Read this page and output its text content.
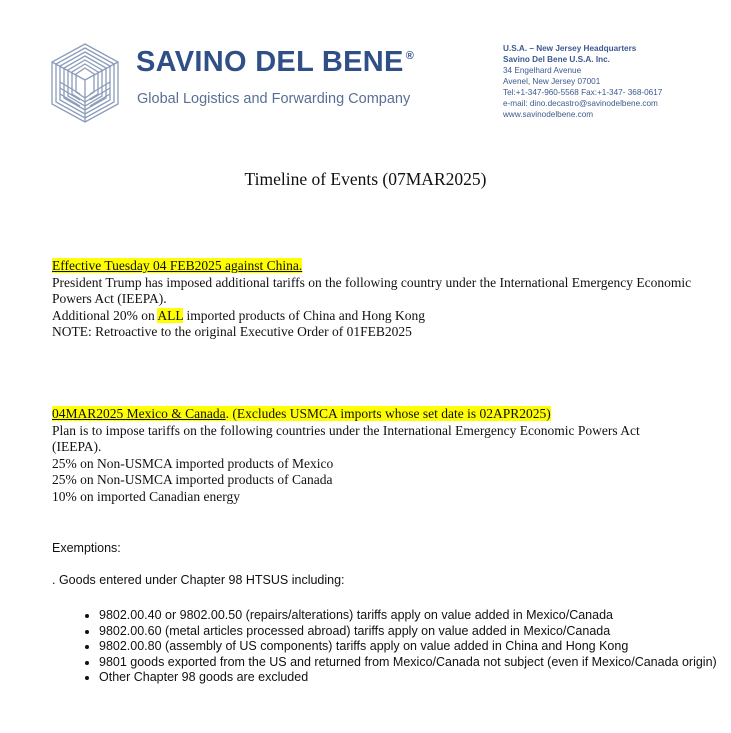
SAVINO DEL BENE ®
Global Logistics and Forwarding Company
U.S.A. – New Jersey Headquarters
Savino Del Bene U.S.A. Inc.
34 Engelhard Avenue
Avenel, New Jersey 07001
Tel:+1-347-960-5568 Fax:+1-347- 368-0617
e-mail: dino.decastro@savinodelbene.com
www.savinodelbene.com
Timeline of Events (07MAR2025)
Effective Tuesday 04 FEB2025 against China.
President Trump has imposed additional tariffs on the following country under the International Emergency Economic Powers Act (IEEPA).
Additional 20% on ALL imported products of China and Hong Kong
NOTE: Retroactive to the original Executive Order of 01FEB2025
04MAR2025 Mexico & Canada. (Excludes USMCA imports whose set date is 02APR2025)
Plan is to impose tariffs on the following countries under the International Emergency Economic Powers Act (IEEPA).
25% on Non-USMCA imported products of Mexico
25% on Non-USMCA imported products of Canada
10% on imported Canadian energy
Exemptions:
. Goods entered under Chapter 98 HTSUS including:
• 9802.00.40 or 9802.00.50 (repairs/alterations) tariffs apply on value added in Mexico/Canada
• 9802.00.60 (metal articles processed abroad) tariffs apply on value added in Mexico/Canada
• 9802.00.80 (assembly of US components) tariffs apply on value added in China and Hong Kong
• 9801 goods exported from the US and returned from Mexico/Canada not subject (even if Mexico/Canada origin)
• Other Chapter 98 goods are excluded
